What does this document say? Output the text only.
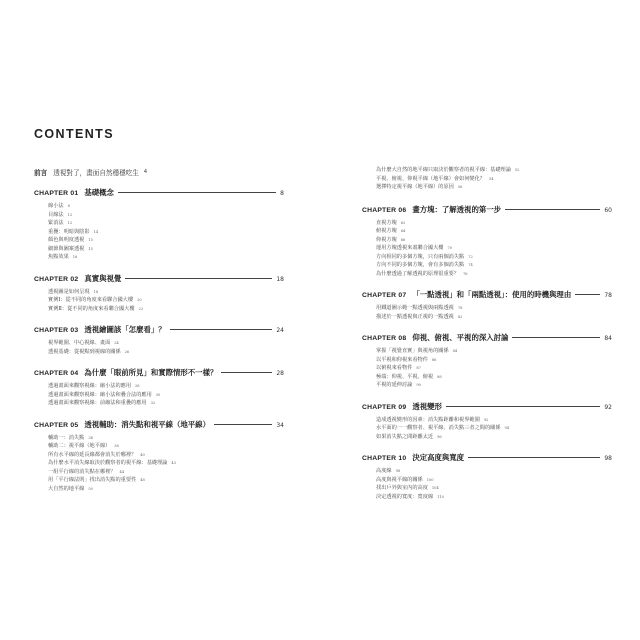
CONTENTS
前言 透視對了，畫面自然穩穩吃生 4
CHAPTER 01 基礎概念	8
線小法 8
目線法 12
緊消法 12
重疊：明暗與陰影 14
顏色與明度透視 15
細節與圖案透視 15
焦點效果 16
CHAPTER 02 真實與視覺	18
透視圖是如何呈現 18
實例Ⅰ：從不同的角度來看聯合國大樓 20
實例Ⅱ：從不同的角度來看聯合國大樓 22
CHAPTER 03 透視繪圖該「怎麼看」？	24
視界範圍、中心視線、畫面 24
透視基礎：從視點到視線的關係 26
CHAPTER 04 為什麼「眼前所見」和實際情形不一樣？	28
透過畫面來觀察視線：縮小法的應用 28
透過畫面來觀察視線：縮小法和疊合法的應用 30
透過畫面來觀察視線：前縮法和重疊的應用 32
CHAPTER 05 透視輔助：消失點和視平線（地平線）	34
輔助一：消失點 34
輔助二：視平線（地平線） 38
所有水平線的延長線都會消失於哪裡？ 40
為什麼水平消失線取決於觀察者的視平線：基礎理論 43
一組平行線的消失點在哪裡？ 44
用「平行線法則」找出消失點的重要性 48
大自然的地平線 50
為什麼大自然的地平線只取決於觀察者的視平線：基礎理論 52
平視、俯視、仰視平線（地平線）會如何變化？ 54
選擇特定視平線（地平線）的原因 56
CHAPTER 06 畫方塊：了解透視的第一步	60
直視方塊 62
俯視方塊 64
仰視方塊 66
運用方塊透視來畫聯合國大樓 70
方向相同的多個方塊，只有兩個消失點 72
方向不同的多個方塊，會有多個消失點 74
為什麼透過了解透視的原理很重要？ 76
CHAPTER 07 「一點透視」和「兩點透視」：使用的時機與理由	78
用鐵道圖示範一點透視與兩點透視 78
描述於一點透視與正視的一點透視 82
CHAPTER 08 仰視、俯視、平視的深入討論	84
掌握「視覺直實」與視角的關係 84
以平視和仰視來看物件 86
以俯視來看物件 87
極端：仰視、平視、俯視 88
平視的延伸討論 90
CHAPTER 09 透視變形	92
造成透視變形的因素：消失點距離和視界範圍 92
水平面的一一觀察者、視平線、消失點三者之間的關係 94
如果消失點之間距離太近 96
CHAPTER 10 決定高度與寬度	98
高度線 98
高度與視平線的關係 100
找出戶外與室內的高度 104
決定透視的寬度：寬度線 110
